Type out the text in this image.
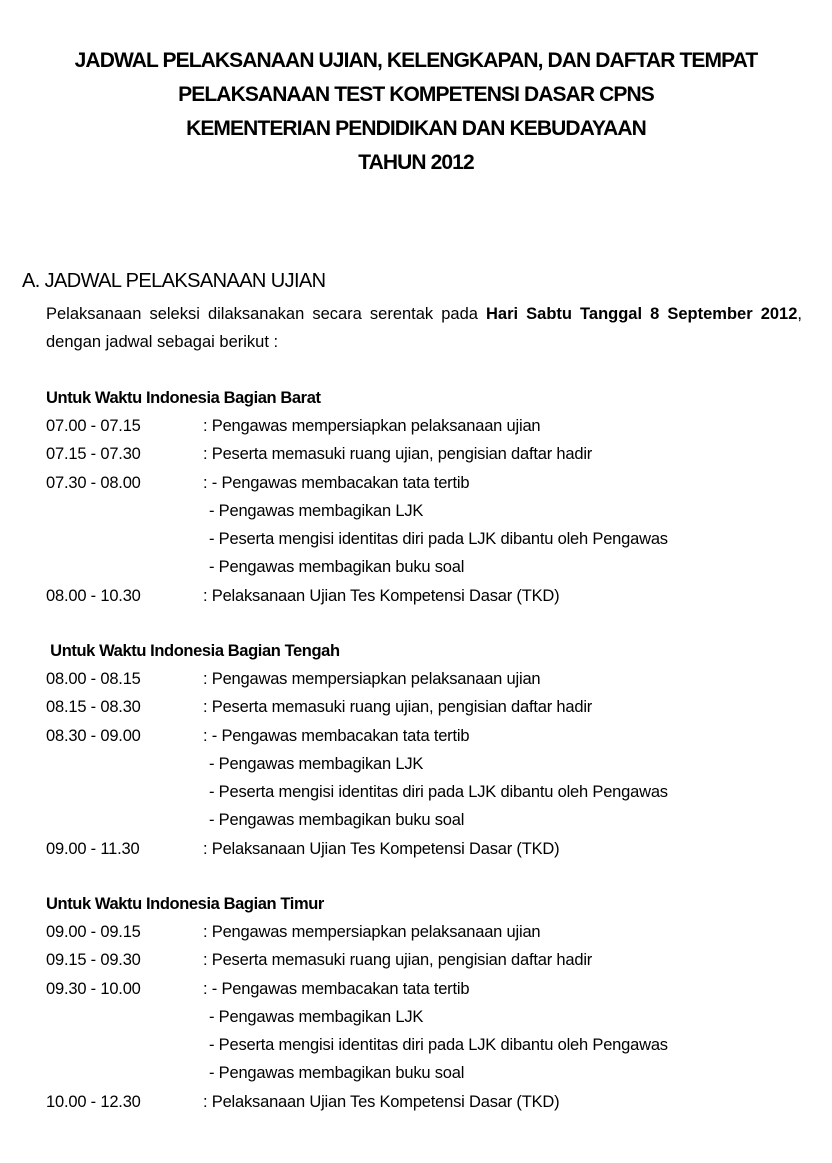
JADWAL PELAKSANAAN UJIAN, KELENGKAPAN, DAN DAFTAR TEMPAT
PELAKSANAAN TEST KOMPETENSI DASAR CPNS
KEMENTERIAN PENDIDIKAN DAN KEBUDAYAAN
TAHUN 2012
A. JADWAL PELAKSANAAN UJIAN
Pelaksanaan seleksi dilaksanakan secara serentak pada Hari Sabtu Tanggal 8 September 2012, dengan jadwal sebagai berikut :
Untuk Waktu Indonesia Bagian Barat
07.00 - 07.15	: Pengawas mempersiapkan pelaksanaan ujian
07.15 - 07.30	: Peserta memasuki ruang ujian, pengisian daftar hadir
07.30 - 08.00	: - Pengawas membacakan tata tertib
- Pengawas membagikan LJK
- Peserta mengisi identitas diri pada LJK dibantu oleh Pengawas
- Pengawas membagikan buku soal
08.00 - 10.30	: Pelaksanaan Ujian Tes Kompetensi Dasar (TKD)
Untuk Waktu Indonesia Bagian Tengah
08.00 - 08.15	: Pengawas mempersiapkan pelaksanaan ujian
08.15 - 08.30	: Peserta memasuki ruang ujian, pengisian daftar hadir
08.30 - 09.00	: - Pengawas membacakan tata tertib
- Pengawas membagikan LJK
- Peserta mengisi identitas diri pada LJK dibantu oleh Pengawas
- Pengawas membagikan buku soal
09.00 - 11.30	: Pelaksanaan Ujian Tes Kompetensi Dasar (TKD)
Untuk Waktu Indonesia Bagian Timur
09.00 - 09.15	: Pengawas mempersiapkan pelaksanaan ujian
09.15 - 09.30	: Peserta memasuki ruang ujian, pengisian daftar hadir
09.30 - 10.00	: - Pengawas membacakan tata tertib
- Pengawas membagikan LJK
- Peserta mengisi identitas diri pada LJK dibantu oleh Pengawas
- Pengawas membagikan buku soal
10.00 - 12.30	: Pelaksanaan Ujian Tes Kompetensi Dasar (TKD)
